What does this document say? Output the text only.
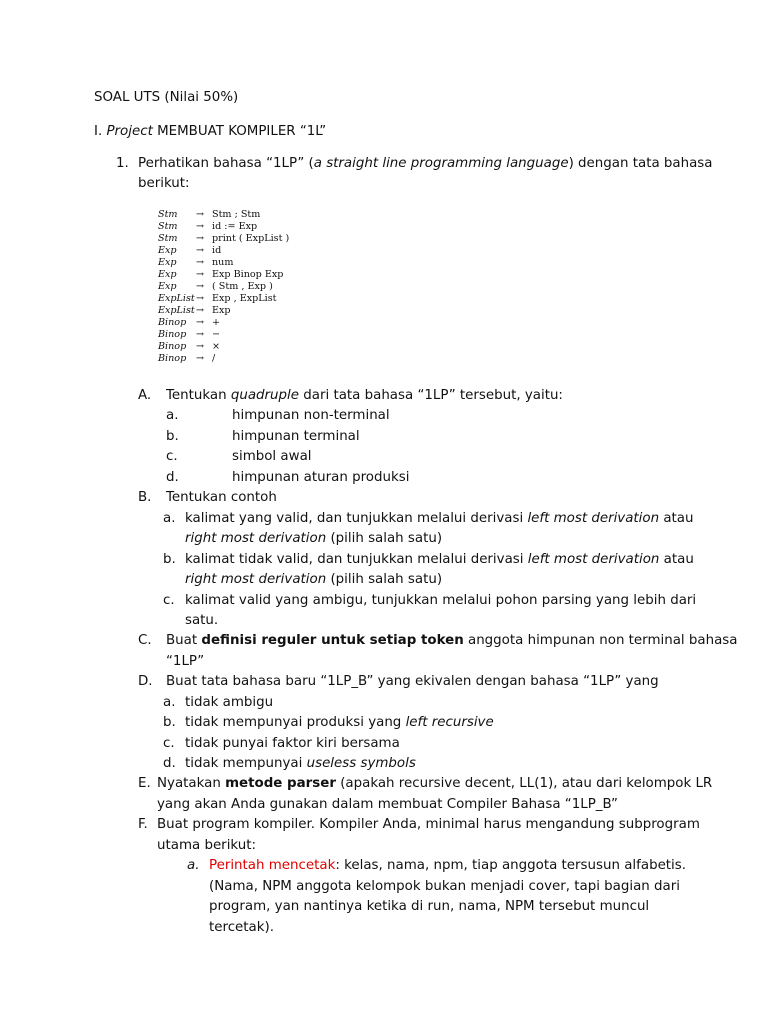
SOAL UTS (Nilai 50%)
I. Project MEMBUAT KOMPILER “1L”
1. Perhatikan bahasa “1LP” (a straight line programming language) dengan tata bahasa
berikut:
Stm → Stm ; Stm
Stm → id := Exp
Stm → print ( ExpList )
Exp → id
Exp → num
Exp → Exp Binop Exp
Exp → ( Stm , Exp )
ExpList → Exp , ExpList
ExpList → Exp
Binop → +
Binop → −
Binop → ×
Binop → /
A. Tentukan quadruple dari tata bahasa “1LP” tersebut, yaitu:
a.	himpunan non-terminal
b.	himpunan terminal
c.	simbol awal
d.	himpunan aturan produksi
B. Tentukan contoh
a. kalimat yang valid, dan tunjukkan melalui derivasi left most derivation atau
right most derivation (pilih salah satu)
b. kalimat tidak valid, dan tunjukkan melalui derivasi left most derivation atau
right most derivation (pilih salah satu)
c. kalimat valid yang ambigu, tunjukkan melalui pohon parsing yang lebih dari
satu.
C. Buat definisi reguler untuk setiap token anggota himpunan non terminal bahasa
“1LP”
D. Buat tata bahasa baru “1LP_B” yang ekivalen dengan bahasa “1LP” yang
a. tidak ambigu
b. tidak mempunyai produksi yang left recursive
c. tidak punyai faktor kiri bersama
d. tidak mempunyai useless symbols
E. Nyatakan metode parser (apakah recursive decent, LL(1), atau dari kelompok LR
yang akan Anda gunakan dalam membuat Compiler Bahasa “1LP_B”
F. Buat program kompiler. Kompiler Anda, minimal harus mengandung subprogram
utama berikut:
a. Perintah mencetak: kelas, nama, npm, tiap anggota tersusun alfabetis.
(Nama, NPM anggota kelompok bukan menjadi cover, tapi bagian dari
program, yan nantinya ketika di run, nama, NPM tersebut muncul
tercetak).
